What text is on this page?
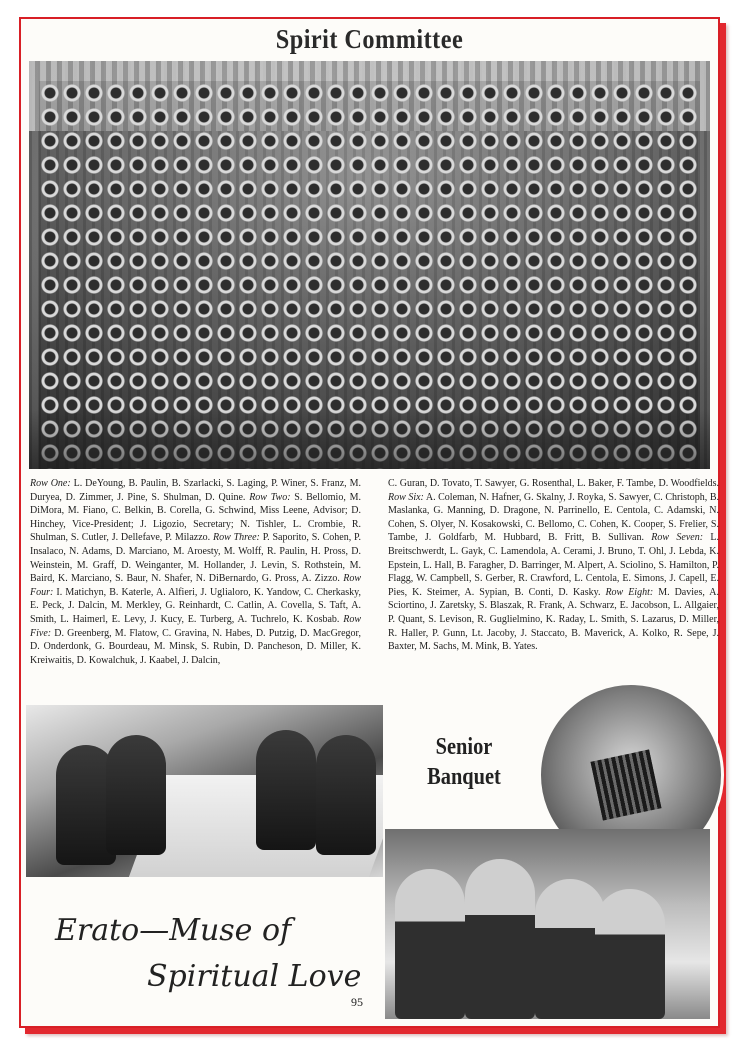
Spirit Committee
Row One: L. DeYoung, B. Paulin, B. Szarlacki, S. Laging, P. Winer, S. Franz, M. Duryea, D. Zimmer, J. Pine, S. Shulman, D. Quine. Row Two: S. Bellomio, M. DiMora, M. Fiano, C. Belkin, B. Corella, G. Schwind, Miss Leene, Advisor; D. Hinchey, Vice-President; J. Ligozio, Secretary; N. Tishler, L. Crombie, R. Shulman, S. Cutler, J. Dellefave, P. Milazzo. Row Three: P. Saporito, S. Cohen, P. Insalaco, N. Adams, D. Marciano, M. Aroesty, M. Wolff, R. Paulin, H. Pross, D. Weinstein, M. Graff, D. Weinganter, M. Hollander, J. Levin, S. Rothstein, M. Baird, K. Marciano, S. Baur, N. Shafer, N. DiBernardo, G. Pross, A. Zizzo. Row Four: I. Matichyn, B. Katerle, A. Alfieri, J. Uglialoro, K. Yandow, C. Cherkasky, E. Peck, J. Dalcin, M. Merkley, G. Reinhardt, C. Catlin, A. Covella, S. Taft, A. Smith, L. Haimerl, E. Levy, J. Kucy, E. Turberg, A. Tuchrelo, K. Kosbab. Row Five: D. Greenberg, M. Flatow, C. Gravina, N. Habes, D. Putzig, D. MacGregor, D. Onderdonk, G. Bourdeau, M. Minsk, S. Rubin, D. Pancheson, D. Miller, K. Kreiwaitis, D. Kowalchuk, J. Kaabel, J. Dalcin,
C. Guran, D. Tovato, T. Sawyer, G. Rosenthal, L. Baker, F. Tambe, D. Woodfields. Row Six: A. Coleman, N. Hafner, G. Skalny, J. Royka, S. Sawyer, C. Christoph, B. Maslanka, G. Manning, D. Dragone, N. Parrinello, E. Centola, C. Adamski, N. Cohen, S. Olyer, N. Kosakowski, C. Bellomo, C. Cohen, K. Cooper, S. Frelier, S. Tambe, J. Goldfarb, M. Hubbard, B. Fritt, B. Sullivan. Row Seven: L. Breitschwerdt, L. Gayk, C. Lamendola, A. Cerami, J. Bruno, T. Ohl, J. Lebda, K. Epstein, L. Hall, B. Faragher, D. Barringer, M. Alpert, A. Sciolino, S. Hamilton, P. Flagg, W. Campbell, S. Gerber, R. Crawford, L. Centola, E. Simons, J. Capell, E. Pies, K. Steimer, A. Sypian, B. Conti, D. Kasky. Row Eight: M. Davies, A. Sciortino, J. Zaretsky, S. Blaszak, R. Frank, A. Schwarz, E. Jacobson, L. Allgaier, P. Quant, S. Levison, R. Guglielmino, K. Raday, L. Smith, S. Lazarus, D. Miller, R. Haller, P. Gunn, Lt. Jacoby, J. Staccato, B. Maverick, A. Kolko, R. Sepe, J. Baxter, M. Sachs, M. Mink, B. Yates.
Senior
Banquet
Erato—Muse of
Spiritual Love
95
